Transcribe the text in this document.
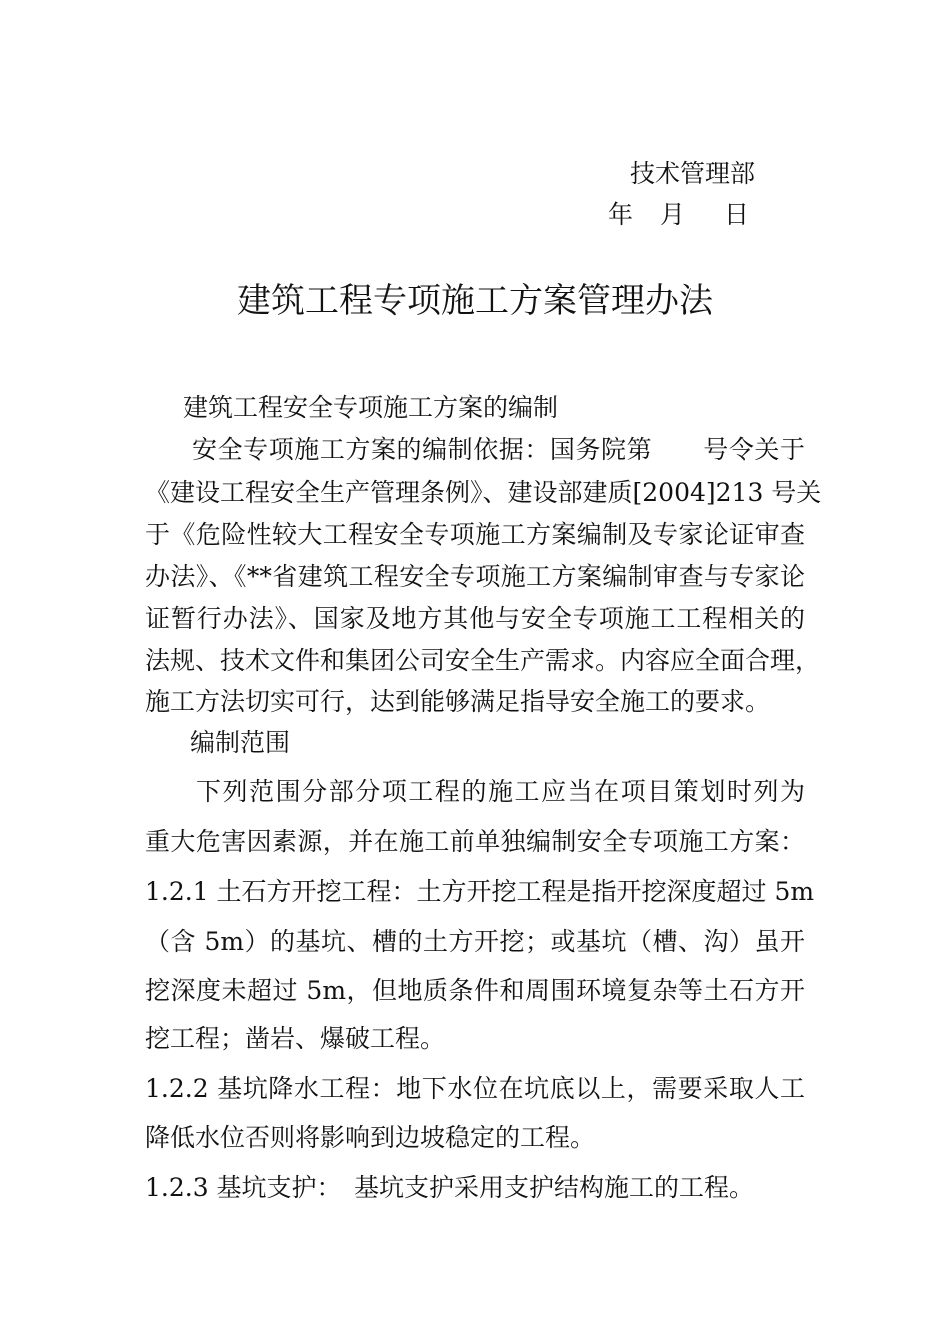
技术管理部
年 月 日
建筑工程专项施工方案管理办法
建筑工程安全专项施工方案的编制
安全专项施工方案的编制依据：国务院第　　号令关于
《建设工程安全生产管理条例》、建设部建质[2004]213 号关
于《危险性较大工程安全专项施工方案编制及专家论证审查
办法》、《**省建筑工程安全专项施工方案编制审查与专家论
证暂行办法》、国家及地方其他与安全专项施工工程相关的
法规、技术文件和集团公司安全生产需求。内容应全面合理，
施工方法切实可行，达到能够满足指导安全施工的要求。
编制范围
下列范围分部分项工程的施工应当在项目策划时列为
重大危害因素源，并在施工前单独编制安全专项施工方案：
1.2.1 土石方开挖工程：土方开挖工程是指开挖深度超过 5m
（含 5m）的基坑、槽的土方开挖；或基坑（槽、沟）虽开
挖深度未超过 5m，但地质条件和周围环境复杂等土石方开
挖工程；凿岩、爆破工程。
1.2.2 基坑降水工程：地下水位在坑底以上，需要采取人工
降低水位否则将影响到边坡稳定的工程。
1.2.3 基坑支护：　基坑支护采用支护结构施工的工程。
